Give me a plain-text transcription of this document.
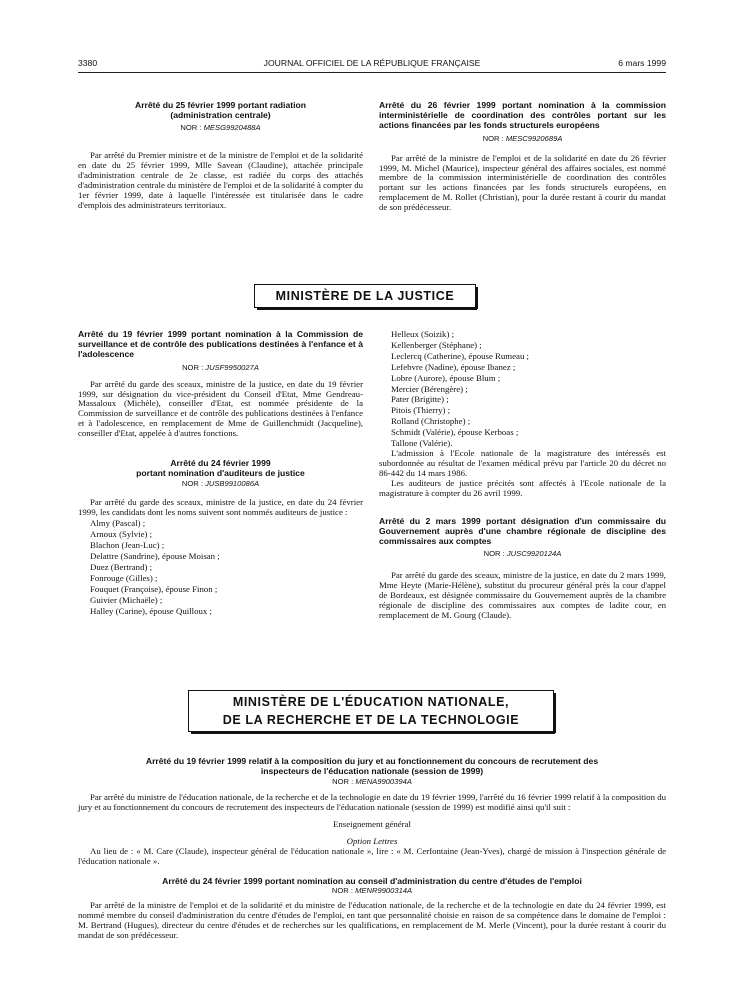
3380	JOURNAL OFFICIEL DE LA RÉPUBLIQUE FRANÇAISE	6 mars 1999
Arrêté du 25 février 1999 portant radiation (administration centrale)
NOR : MESG9920488A
Par arrêté du Premier ministre et de la ministre de l'emploi et de la solidarité en date du 25 février 1999, Mlle Savean (Claudine), attachée principale d'administration centrale de 2e classe, est radiée du corps des attachés d'administration centrale du ministère de l'emploi et de la solidarité à compter du 1er février 1999, date à laquelle l'intéressée est titularisée dans le cadre d'emplois des administrateurs territoriaux.
Arrêté du 26 février 1999 portant nomination à la commission interministérielle de coordination des contrôles portant sur les actions financées par les fonds structurels européens
NOR : MESC9920689A
Par arrêté de la ministre de l'emploi et de la solidarité en date du 26 février 1999, M. Michel (Maurice), inspecteur général des affaires sociales, est nommé membre de la commission interministérielle de coordination des contrôles portant sur les actions financées par les fonds structurels européens, en remplacement de M. Rollet (Christian), pour la durée restant à courir du mandat de son prédécesseur.
MINISTÈRE DE LA JUSTICE
Arrêté du 19 février 1999 portant nomination à la Commission de surveillance et de contrôle des publications destinées à l'enfance et à l'adolescence
NOR : JUSF9950027A
Par arrêté du garde des sceaux, ministre de la justice, en date du 19 février 1999, sur désignation du vice-président du Conseil d'Etat, Mme Gendreau-Massaloux (Michèle), conseiller d'Etat, est nommée présidente de la Commission de surveillance et de contrôle des publications destinées à l'enfance et à l'adolescence, en remplacement de Mme de Guillenchmidt (Jacqueline), conseiller d'Etat, appelée à d'autres fonctions.
Arrêté du 24 février 1999
portant nomination d'auditeurs de justice
NOR : JUSB9910086A
Par arrêté du garde des sceaux, ministre de la justice, en date du 24 février 1999, les candidats dont les noms suivent sont nommés auditeurs de justice :
Almy (Pascal) ;
Arnoux (Sylvie) ;
Blachon (Jean-Luc) ;
Delattre (Sandrine), épouse Moisan ;
Duez (Bertrand) ;
Fonrouge (Gilles) ;
Fouquet (Françoise), épouse Finon ;
Guivier (Michaële) ;
Halley (Carine), épouse Quilloux ;
Helleux (Soizik) ;
Kellenberger (Stéphane) ;
Leclercq (Catherine), épouse Rumeau ;
Lefebvre (Nadine), épouse Ibanez ;
Lobre (Aurore), épouse Blum ;
Mercier (Bérengère) ;
Pater (Brigitte) ;
Pitois (Thierry) ;
Rolland (Christophe) ;
Schmidt (Valérie), épouse Kerboas ;
Tallone (Valérie).
L'admission à l'Ecole nationale de la magistrature des intéressés est subordonnée au résultat de l'examen médical prévu par l'article 20 du décret no 86-442 du 14 mars 1986.
Les auditeurs de justice précités sont affectés à l'Ecole nationale de la magistrature à compter du 26 avril 1999.
Arrêté du 2 mars 1999 portant désignation d'un commissaire du Gouvernement auprès d'une chambre régionale de discipline des commissaires aux comptes
NOR : JUSC9920124A
Par arrêté du garde des sceaux, ministre de la justice, en date du 2 mars 1999, Mme Heyte (Marie-Hélène), substitut du procureur général près la cour d'appel de Bordeaux, est désignée commissaire du Gouvernement auprès de la chambre régionale de discipline des commissaires aux comptes de ladite cour, en remplacement de M. Gourg (Claude).
MINISTÈRE DE L'ÉDUCATION NATIONALE,
DE LA RECHERCHE ET DE LA TECHNOLOGIE
Arrêté du 19 février 1999 relatif à la composition du jury et au fonctionnement du concours de recrutement des inspecteurs de l'éducation nationale (session de 1999)
NOR : MENA9900394A
Par arrêté du ministre de l'éducation nationale, de la recherche et de la technologie en date du 19 février 1999, l'arrêté du 16 février 1999 relatif à la composition du jury et au fonctionnement du concours de recrutement des inspecteurs de l'éducation nationale (session de 1999) est modifié ainsi qu'il suit :
Enseignement général
Option Lettres
Au lieu de : « M. Care (Claude), inspecteur général de l'éducation nationale », lire : « M. Cerfontaine (Jean-Yves), chargé de mission à l'inspection générale de l'éducation nationale ».
Arrêté du 24 février 1999 portant nomination au conseil d'administration du centre d'études de l'emploi
NOR : MENR9900314A
Par arrêté de la ministre de l'emploi et de la solidarité et du ministre de l'éducation nationale, de la recherche et de la technologie en date du 24 février 1999, est nommé membre du conseil d'administration du centre d'études de l'emploi, en tant que personnalité choisie en raison de sa compétence dans le domaine de l'emploi : M. Bertrand (Hugues), directeur du centre d'études et de recherches sur les qualifications, en remplacement de M. Merle (Vincent), pour la durée restant à courir du mandat de son prédécesseur.
